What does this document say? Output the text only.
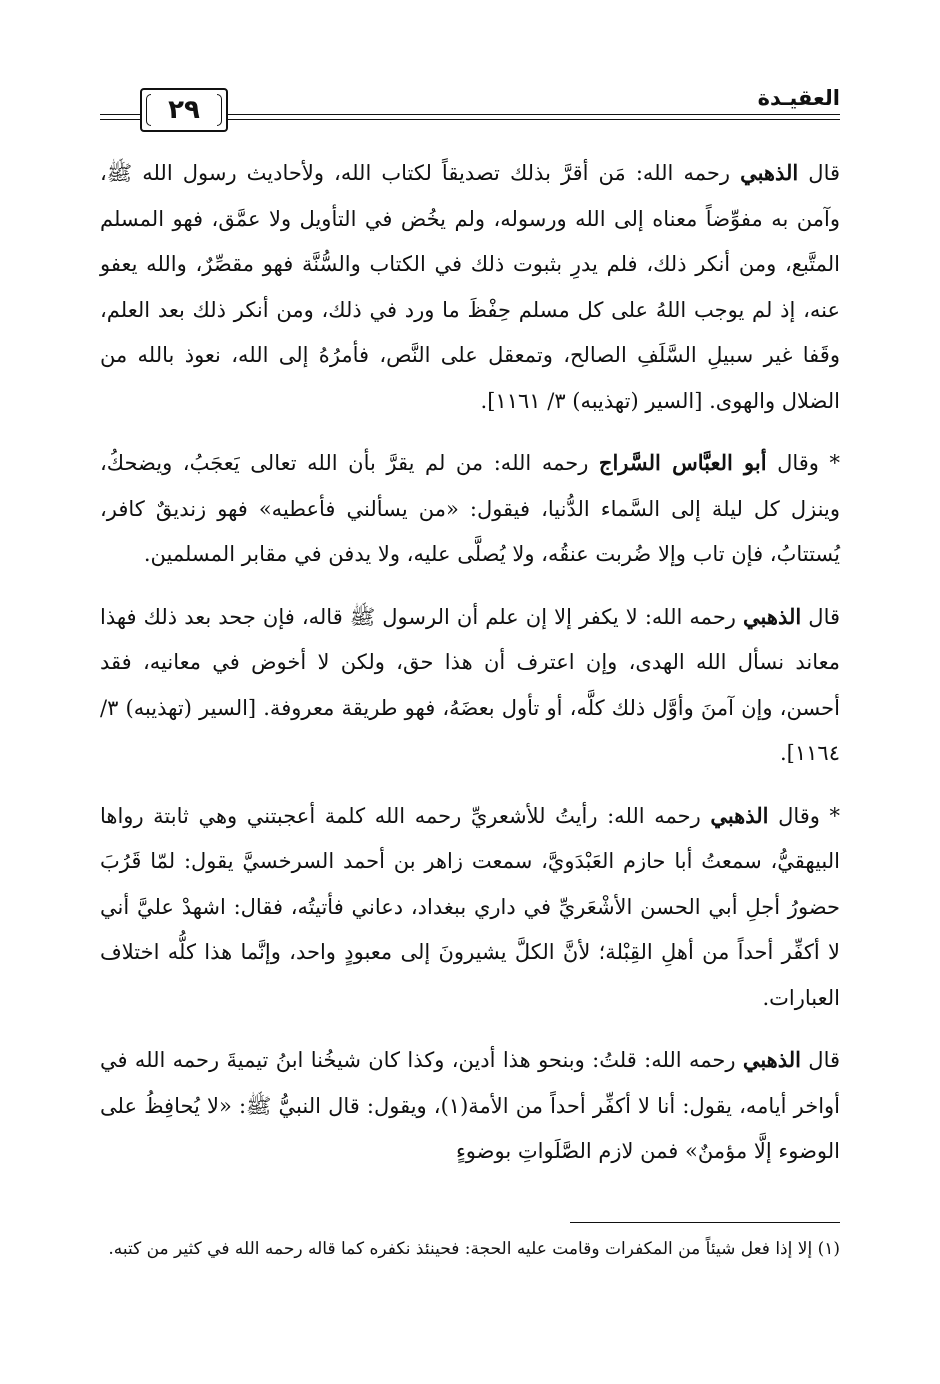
٢٩	العقيـدة

قال الذهبي رحمه الله: مَن أقرَّ بذلك تصديقاً لكتاب الله، ولأحاديث رسول الله ﷺ، وآمن به مفوِّضاً معناه إلى الله ورسوله، ولم يخُض في التأويل ولا عمَّق، فهو المسلم المتَّبع، ومن أنكر ذلك، فلم يدرِ بثبوت ذلك في الكتاب والسُّنَّة فهو مقصِّرٌ، والله يعفو عنه، إذ لم يوجب اللهُ على كل مسلم حِفْظَ ما ورد في ذلك، ومن أنكر ذلك بعد العلم، وقَفا غير سبيلِ السَّلَفِ الصالح، وتمعقل على النَّص، فأمرُهُ إلى الله، نعوذ بالله من الضلال والهوى. [السير (تهذيبه) ٣/ ١١٦١].

* وقال أبو العبَّاس السَّراج رحمه الله: من لم يقرَّ بأن الله تعالى يَعجَبُ، ويضحكُ، وينزل كل ليلة إلى السَّماء الدُّنيا، فيقول: «من يسألني فأعطيه» فهو زنديقٌ كافر، يُستتابُ، فإن تاب وإلا ضُربت عنقُه، ولا يُصلَّى عليه، ولا يدفن في مقابر المسلمين.

قال الذهبي رحمه الله: لا يكفر إلا إن علم أن الرسول ﷺ قاله، فإن جحد بعد ذلك فهذا معاند نسأل الله الهدى، وإن اعترف أن هذا حق، ولكن لا أخوض في معانيه، فقد أحسن، وإن آمنَ وأوَّل ذلك كلَّه، أو تأول بعضَهُ، فهو طريقة معروفة. [السير (تهذيبه) ٣/ ١١٦٤].

* وقال الذهبي رحمه الله: رأيتُ للأشعريِّ رحمه الله كلمة أعجبتني وهي ثابتة رواها البيهقيُّ، سمعتُ أبا حازم العَبْدَويَّ، سمعت زاهر بن أحمد السرخسيَّ يقول: لمّا قَرُبَ حضورُ أجلِ أبي الحسن الأشْعَريِّ في داري ببغداد، دعاني فأتيتُه، فقال: اشهدْ عليَّ أني لا أكفِّر أحداً من أهلِ القِبْلة؛ لأنَّ الكلَّ يشيرونَ إلى معبودٍ واحد، وإنَّما هذا كلُّه اختلاف العبارات.

قال الذهبي رحمه الله: قلتُ: وبنحو هذا أدين، وكذا كان شيخُنا ابنُ تيميةَ رحمه الله في أواخر أيامه، يقول: أنا لا أكفِّر أحداً من الأمة(١)، ويقول: قال النبيُّ ﷺ: «لا يُحافِظُ على الوضوء إلَّا مؤمنٌ» فمن لازم الصَّلَواتِ بوضوءٍ

(١) إلا إذا فعل شيئاً من المكفرات وقامت عليه الحجة: فحينئذ نكفره كما قاله رحمه الله في كثير من كتبه.
